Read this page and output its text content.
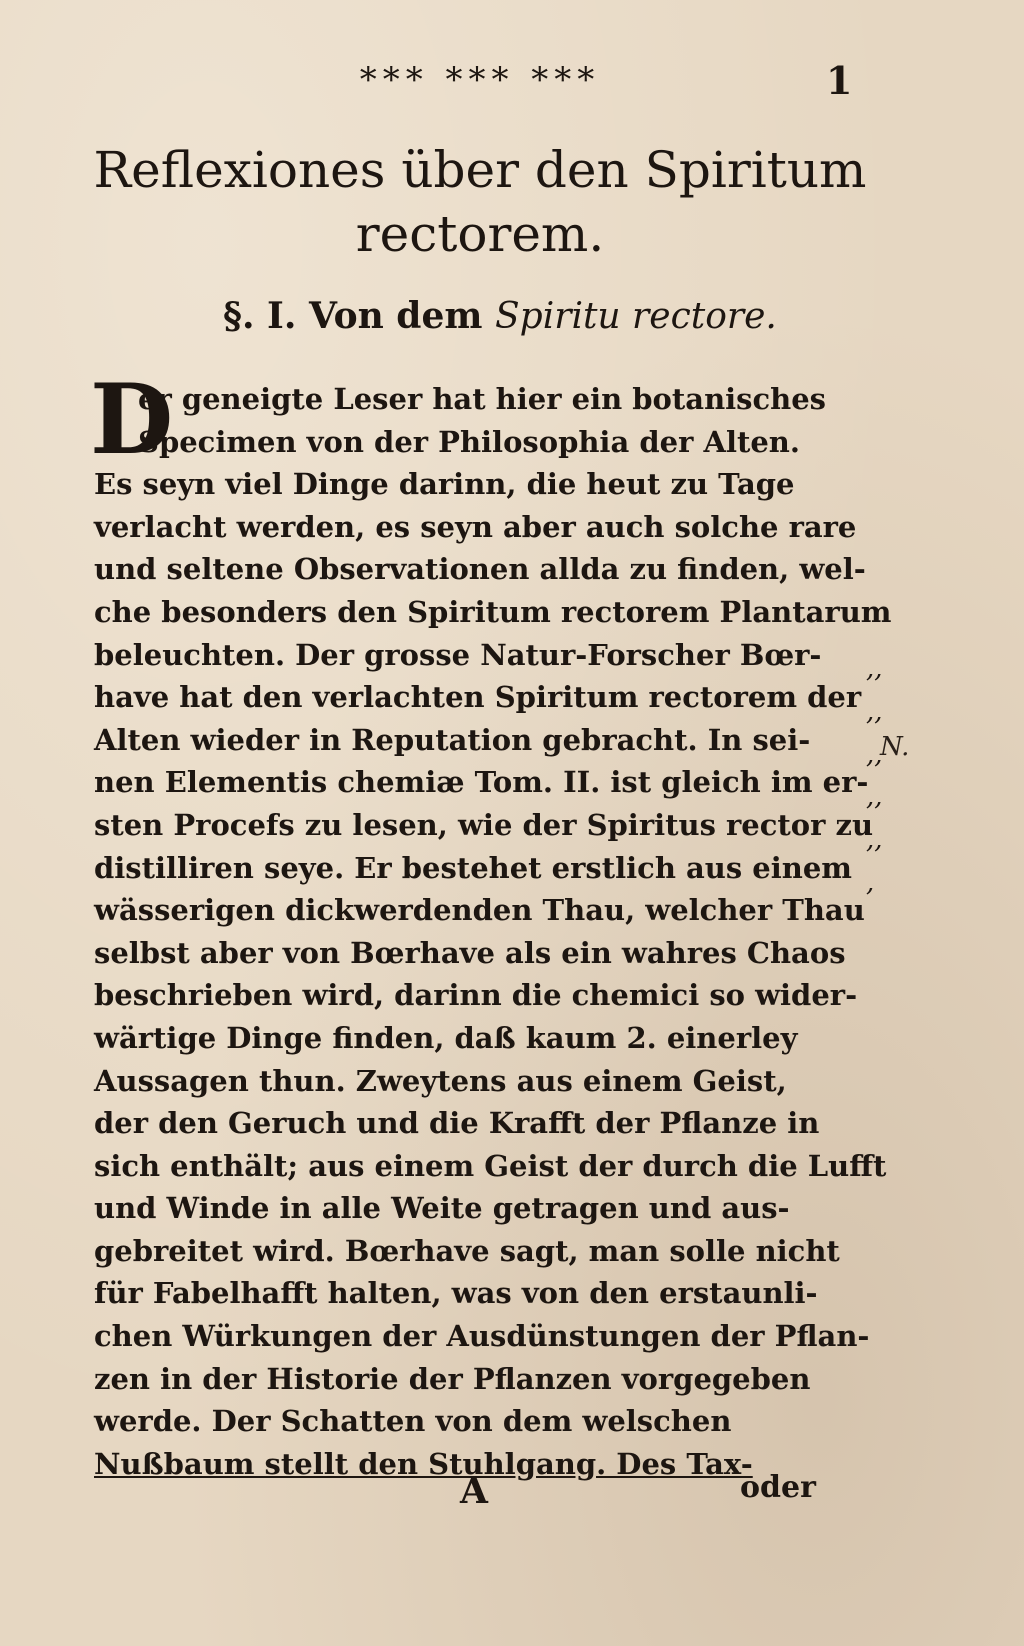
*** *** ***	1
Reflexiones über den Spiritum
rectorem.
§. I. Von dem Spiritu rectore.
D
er geneigte Leser hat hier ein botanisches
Specimen von der Philosophia der Alten.
Es seyn viel Dinge darinn, die heut zu Tage
verlacht werden, es seyn aber auch solche rare
und seltene Observationen allda zu finden, wel-
che besonders den Spiritum rectorem Plantarum
beleuchten. Der grosse Natur-Forscher Bœr-
have hat den verlachten Spiritum rectorem der
Alten wieder in Reputation gebracht. In sei-
nen Elementis chemiæ Tom. II. ist gleich im er-
sten Procefs zu lesen, wie der Spiritus rector zu
distilliren seye. Er bestehet erstlich aus einem
wässerigen dickwerdenden Thau, welcher Thau
selbst aber von Bœrhave als ein wahres Chaos
beschrieben wird, darinn die chemici so wider-
wärtige Dinge finden, daß kaum 2. einerley
Aussagen thun. Zweytens aus einem Geist,
der den Geruch und die Krafft der Pflanze in
sich enthält; aus einem Geist der durch die Lufft
und Winde in alle Weite getragen und aus-
gebreitet wird. Bœrhave sagt, man solle nicht
für Fabelhafft halten, was von den erstaunli-
chen Würkungen der Ausdünstungen der Pflan-
zen in der Historie der Pflanzen vorgegeben
werde. Der Schatten von dem welschen
Nußbaum stellt den Stuhlgang. Des Tax-
,,
,,
,,
,,
,,
,
N.
A	oder
